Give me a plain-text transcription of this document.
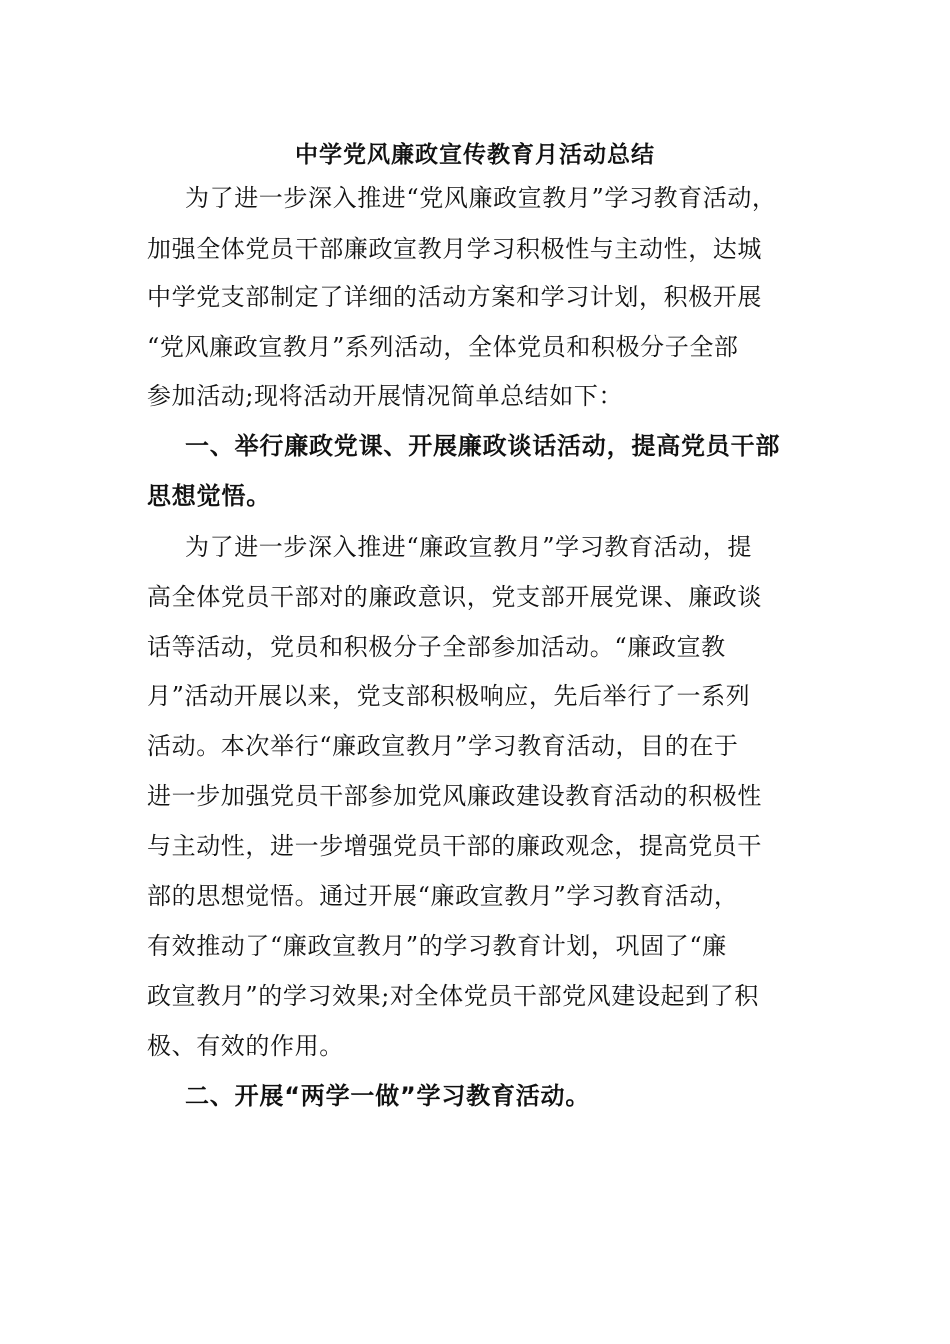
中学党风廉政宣传教育月活动总结
为了进一步深入推进“党风廉政宣教月”学习教育活动，
加强全体党员干部廉政宣教月学习积极性与主动性，达城
中学党支部制定了详细的活动方案和学习计划，积极开展
“党风廉政宣教月”系列活动，全体党员和积极分子全部
参加活动;现将活动开展情况简单总结如下：
一、举行廉政党课、开展廉政谈话活动，提高党员干部
思想觉悟。
为了进一步深入推进“廉政宣教月”学习教育活动，提
高全体党员干部对的廉政意识，党支部开展党课、廉政谈
话等活动，党员和积极分子全部参加活动。“廉政宣教
月”活动开展以来，党支部积极响应，先后举行了一系列
活动。本次举行“廉政宣教月”学习教育活动，目的在于
进一步加强党员干部参加党风廉政建设教育活动的积极性
与主动性，进一步增强党员干部的廉政观念，提高党员干
部的思想觉悟。通过开展“廉政宣教月”学习教育活动，
有效推动了“廉政宣教月”的学习教育计划，巩固了“廉
政宣教月”的学习效果;对全体党员干部党风建设起到了积
极、有效的作用。
二、开展“两学一做”学习教育活动。
